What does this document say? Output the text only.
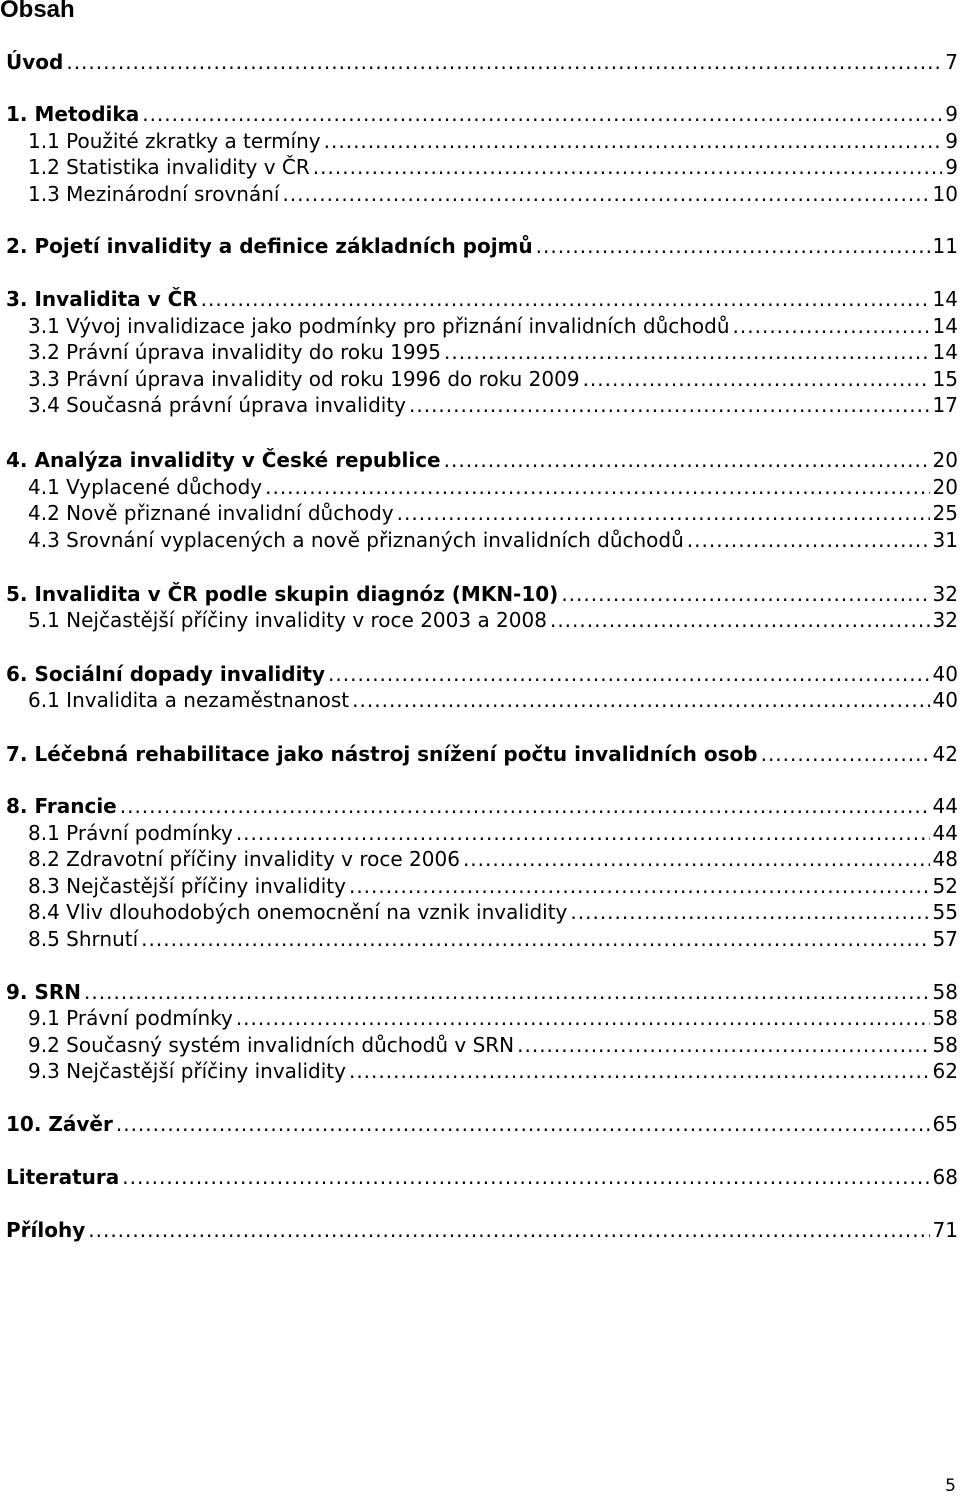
Obsah
Úvod .....	7
1. Metodika .....	9
1.1 Použité zkratky a termíny .....	9
1.2 Statistika invalidity v ČR .....	9
1.3 Mezinárodní srovnání .....	10
2. Pojetí invalidity a definice základních pojmů .....	11
3. Invalidita v ČR .....	14
3.1 Vývoj invalidizace jako podmínky pro přiznání invalidních důchodů .....	14
3.2 Právní úprava invalidity do roku 1995 .....	14
3.3 Právní úprava invalidity od roku 1996 do roku 2009 .....	15
3.4 Současná právní úprava invalidity .....	17
4. Analýza invalidity v České republice .....	20
4.1 Vyplacené důchody .....	20
4.2 Nově přiznané invalidní důchody .....	25
4.3 Srovnání vyplacených a nově přiznaných invalidních důchodů .....	31
5. Invalidita v ČR podle skupin diagnóz (MKN-10) .....	32
5.1 Nejčastější příčiny invalidity v roce 2003 a 2008 .....	32
6. Sociální dopady invalidity .....	40
6.1 Invalidita a nezaměstnanost .....	40
7. Léčebná rehabilitace jako nástroj snížení počtu invalidních osob .....	42
8. Francie .....	44
8.1 Právní podmínky .....	44
8.2 Zdravotní příčiny invalidity v roce 2006 .....	48
8.3 Nejčastější příčiny invalidity .....	52
8.4 Vliv dlouhodobých onemocnění na vznik invalidity .....	55
8.5 Shrnutí .....	57
9. SRN .....	58
9.1 Právní podmínky .....	58
9.2 Současný systém invalidních důchodů v SRN .....	58
9.3 Nejčastější příčiny invalidity .....	62
10. Závěr .....	65
Literatura .....	68
Přílohy .....	71
5
